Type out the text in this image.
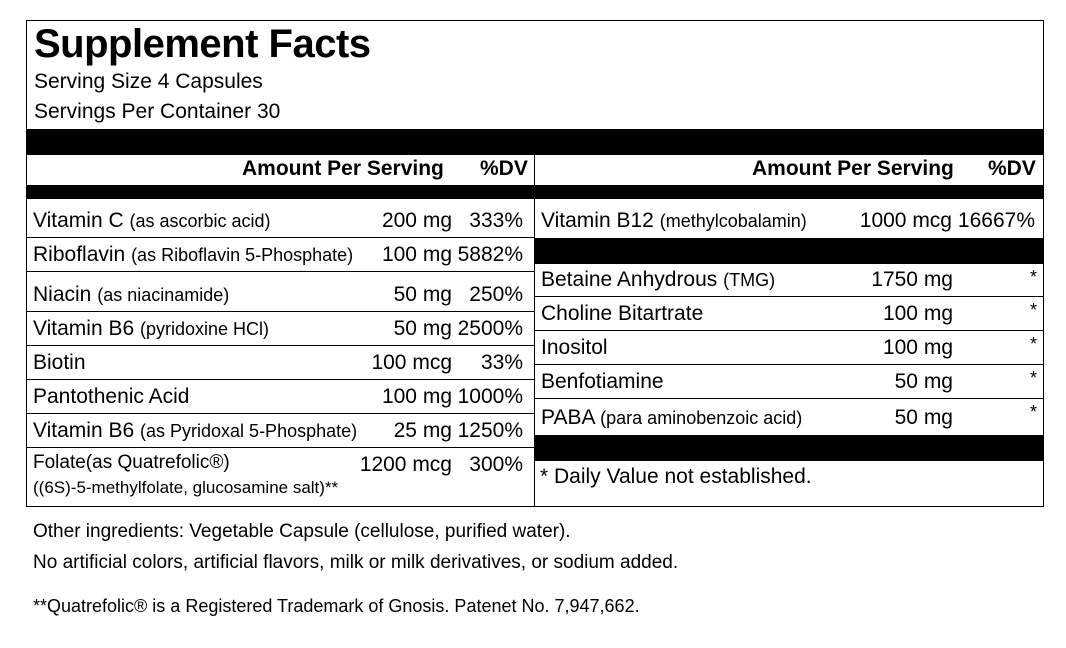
Supplement Facts
Serving Size 4 Capsules
Servings Per Container 30
Amount Per Serving %DV	Amount Per Serving %DV
Vitamin C (as ascorbic acid)	200 mg 333%
Riboflavin (as Riboflavin 5-Phosphate) 100 mg 5882%
Niacin (as niacinamide)	50 mg 250%
Vitamin B6 (pyridoxine HCl)	50 mg 2500%
Biotin	100 mcg 33%
Pantothenic Acid	100 mg 1000%
Vitamin B6 (as Pyridoxal 5-Phosphate) 25 mg 1250%
Folate(as Quatrefolic®)	1200 mcg 300%
((6S)-5-methylfolate, glucosamine salt)**
Vitamin B12 (methylcobalamin)	1000 mcg 16667%
Betaine Anhydrous (TMG)	1750 mg	*
Choline Bitartrate	100 mg	*
Inositol	100 mg	*
Benfotiamine	50 mg	*
PABA (para aminobenzoic acid)	50 mg	*
* Daily Value not established.
Other ingredients: Vegetable Capsule (cellulose, purified water).
No artificial colors, artificial flavors, milk or milk derivatives, or sodium added.
**Quatrefolic® is a Registered Trademark of Gnosis. Patenet No. 7,947,662.
